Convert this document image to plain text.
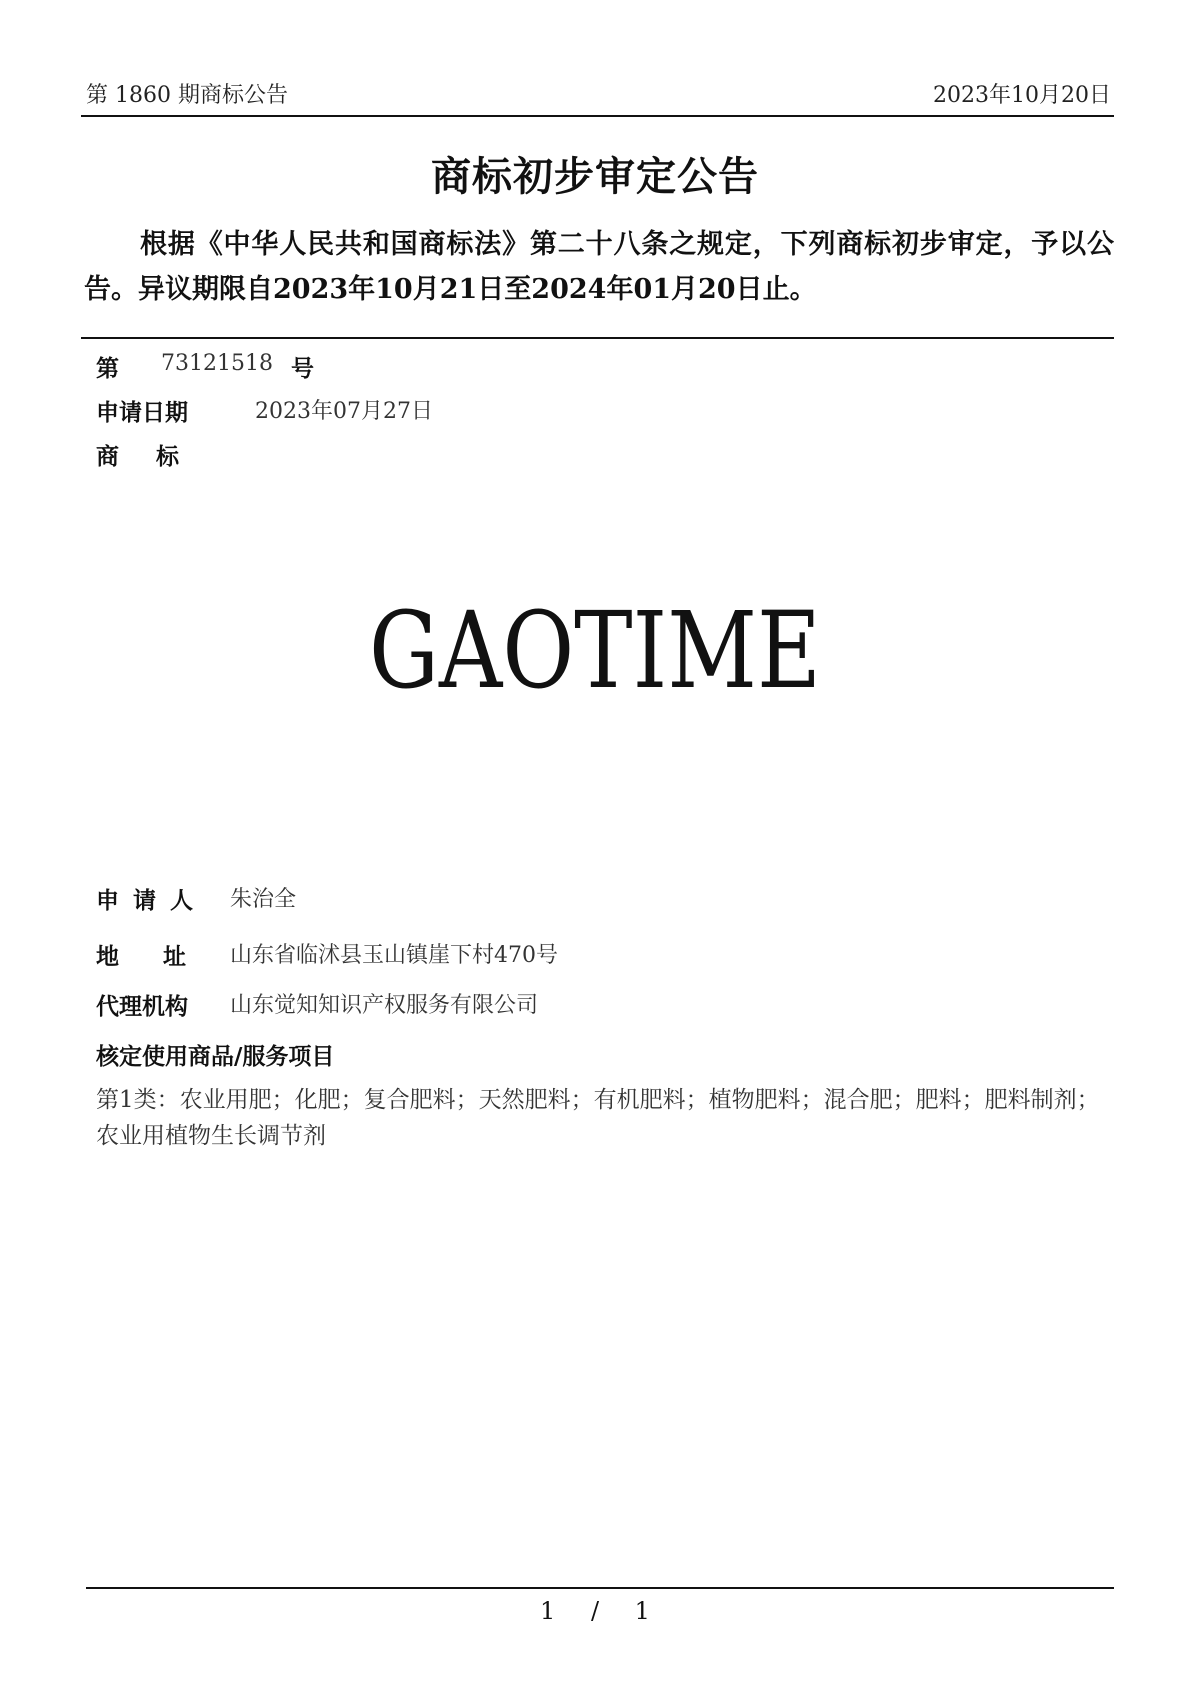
第 1860 期商标公告	2023年10月20日
商标初步审定公告
根据《中华人民共和国商标法》第二十八条之规定，下列商标初步审定，予以公告。异议期限自2023年10月21日至2024年01月20日止。
第 73121518 号
申请日期	2023年07月27日
商标
GAOTIME
申请人 朱治全
地址 山东省临沭县玉山镇崖下村470号
代理机构 山东觉知知识产权服务有限公司
核定使用商品/服务项目
第1类：农业用肥；化肥；复合肥料；天然肥料；有机肥料；植物肥料；混合肥；肥料；肥料制剂；农业用植物生长调节剂
1 / 1
